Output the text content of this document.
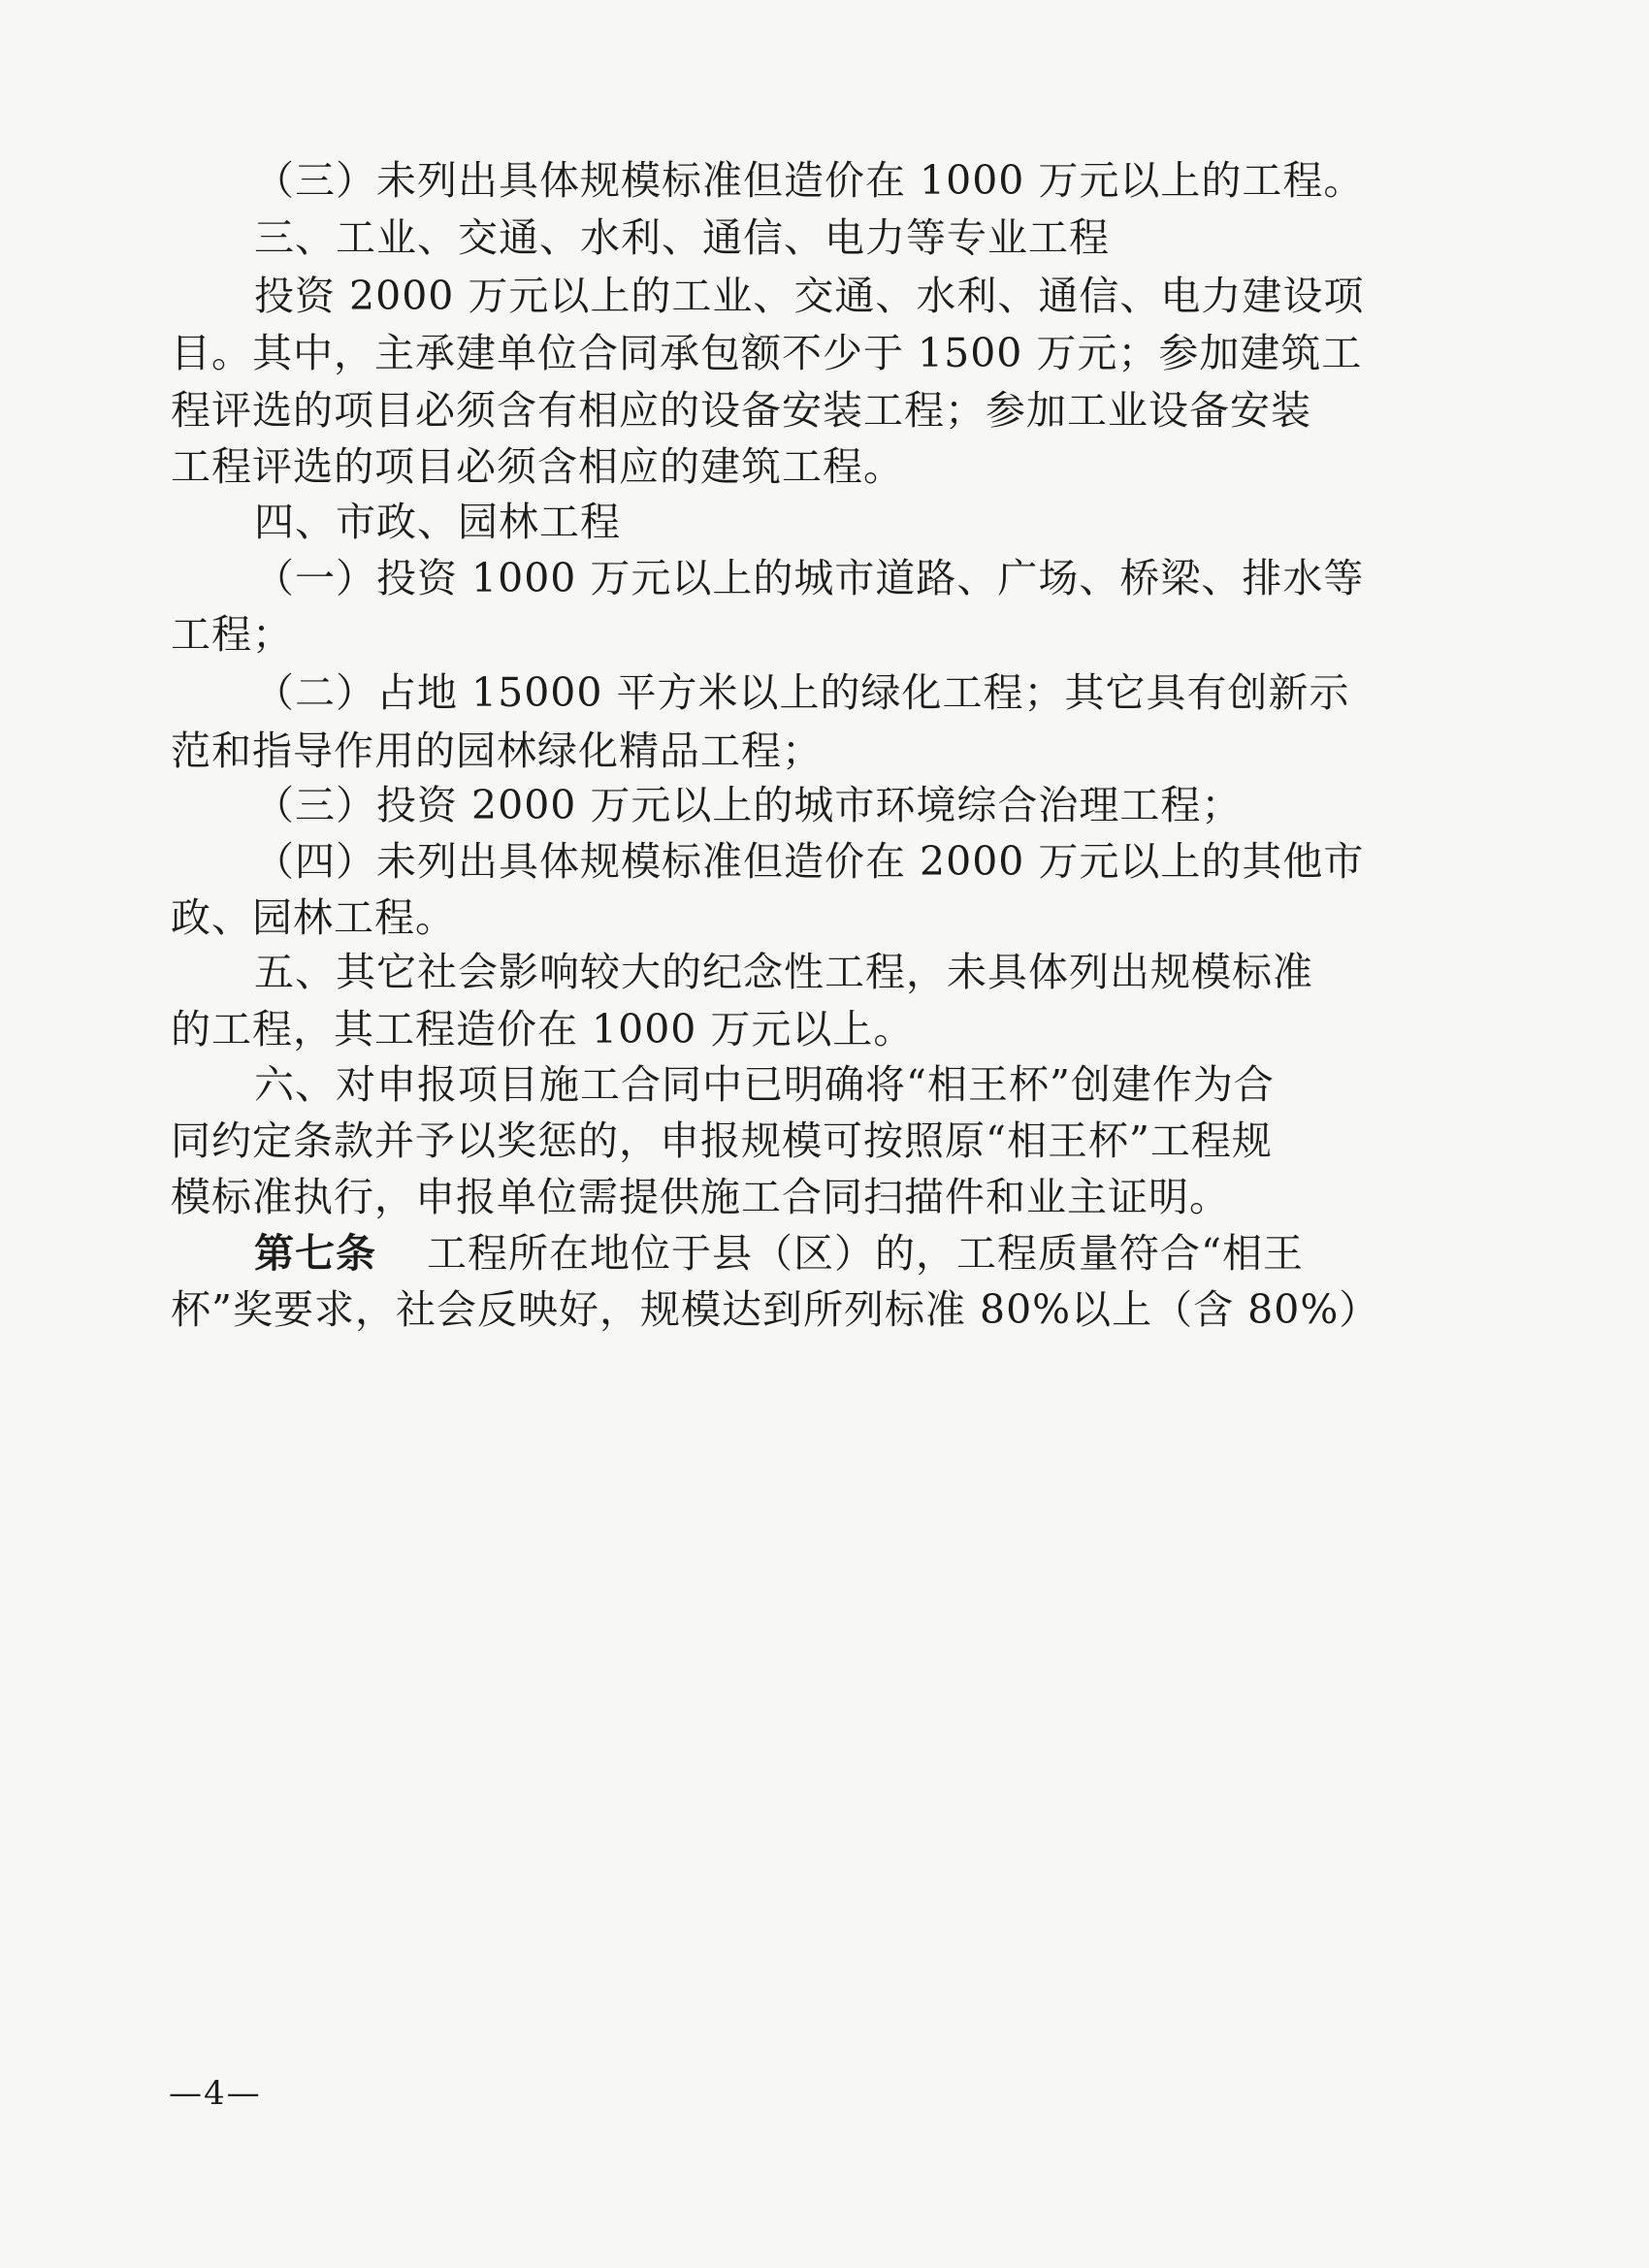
（三）未列出具体规模标准但造价在 1000 万元以上的工程。
三、工业、交通、水利、通信、电力等专业工程
投资 2000 万元以上的工业、交通、水利、通信、电力建设项
目。其中，主承建单位合同承包额不少于 1500 万元；参加建筑工
程评选的项目必须含有相应的设备安装工程；参加工业设备安装
工程评选的项目必须含相应的建筑工程。
四、市政、园林工程
（一）投资 1000 万元以上的城市道路、广场、桥梁、排水等
工程；
（二）占地 15000 平方米以上的绿化工程；其它具有创新示
范和指导作用的园林绿化精品工程；
（三）投资 2000 万元以上的城市环境综合治理工程；
（四）未列出具体规模标准但造价在 2000 万元以上的其他市
政、园林工程。
五、其它社会影响较大的纪念性工程，未具体列出规模标准
的工程，其工程造价在 1000 万元以上。
六、对申报项目施工合同中已明确将“相王杯”创建作为合
同约定条款并予以奖惩的，申报规模可按照原“相王杯”工程规
模标准执行，申报单位需提供施工合同扫描件和业主证明。
第七条 工程所在地位于县（区）的，工程质量符合“相王
杯”奖要求，社会反映好，规模达到所列标准 80%以上（含 80%）
—4—
